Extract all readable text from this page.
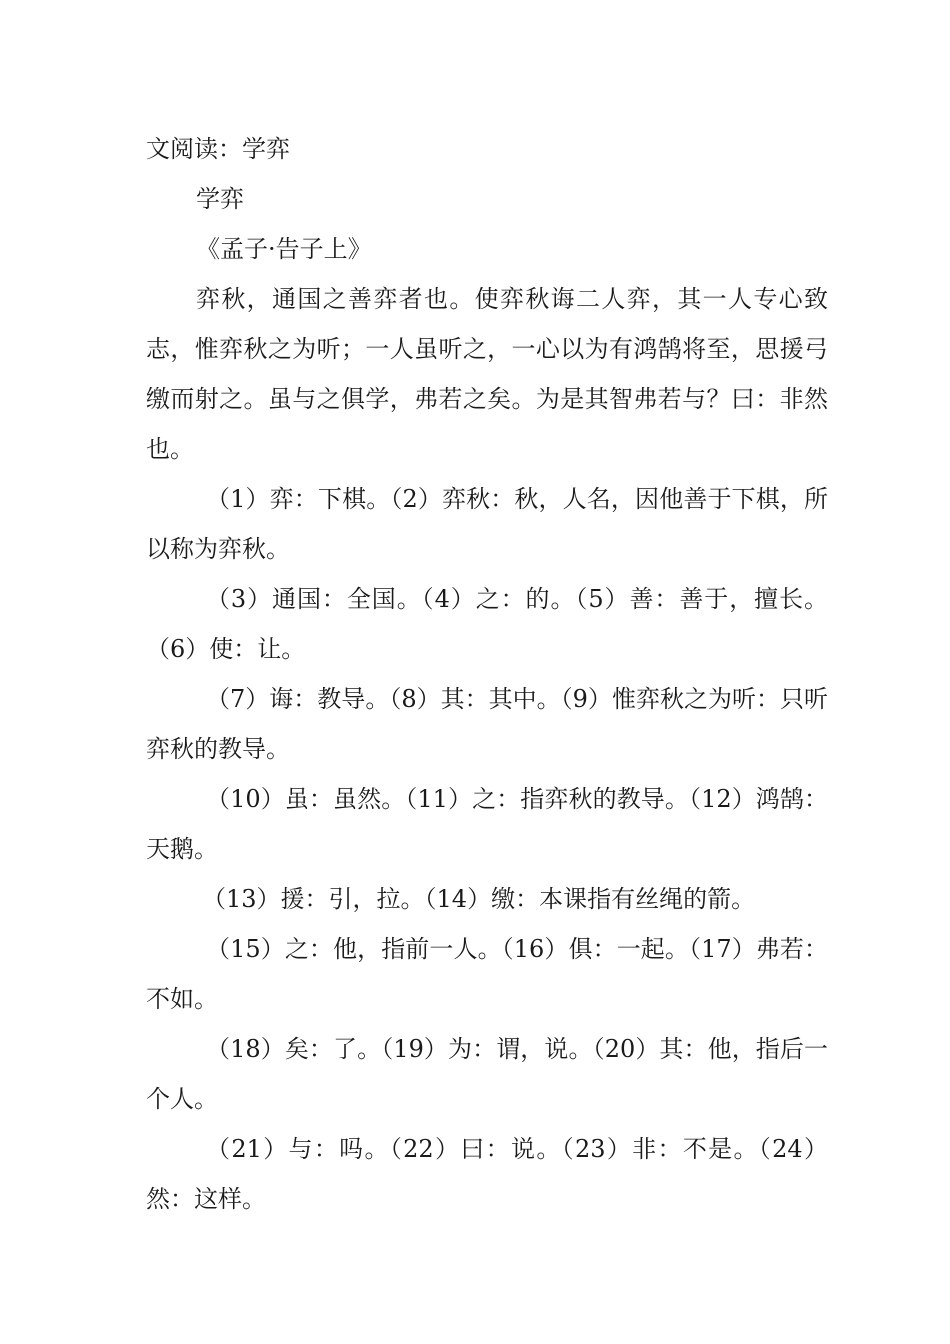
文阅读：学弈

学弈

《孟子·告子上》

弈秋，通国之善弈者也。使弈秋诲二人弈，其一人专心致志，惟弈秋之为听；一人虽听之，一心以为有鸿鹄将至，思援弓缴而射之。虽与之俱学，弗若之矣。为是其智弗若与？曰：非然也。

（1）弈：下棋。（2）弈秋：秋，人名，因他善于下棋，所以称为弈秋。

（3）通国：全国。（4）之：的。（5）善：善于，擅长。（6）使：让。

（7）诲：教导。（8）其：其中。（9）惟弈秋之为听：只听弈秋的教导。

（10）虽：虽然。（11）之：指弈秋的教导。（12）鸿鹄：天鹅。

（13）援：引，拉。（14）缴：本课指有丝绳的箭。

（15）之：他，指前一人。（16）俱：一起。（17）弗若：不如。

（18）矣：了。（19）为：谓，说。（20）其：他，指后一个人。

（21）与：吗。（22）曰：说。（23）非：不是。（24）然：这样。
